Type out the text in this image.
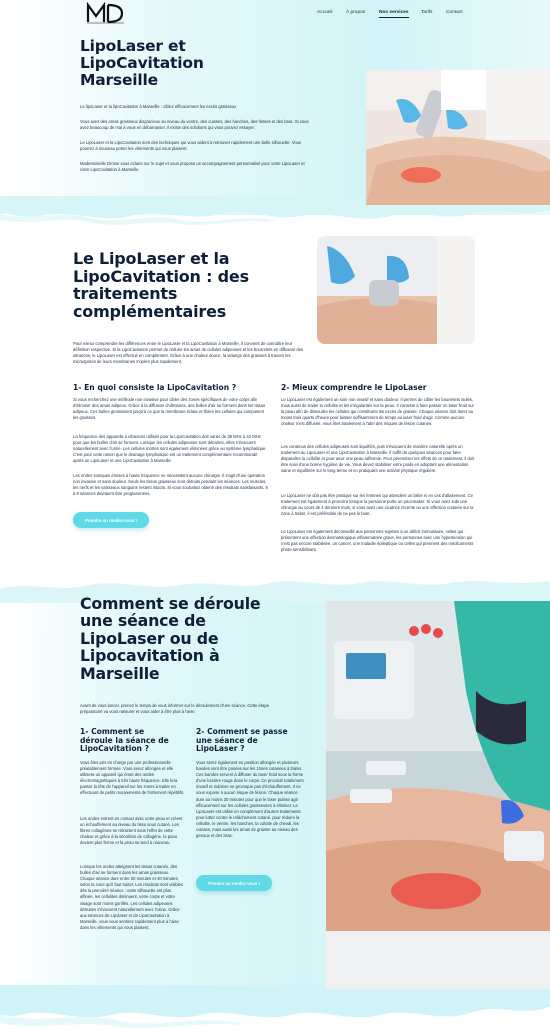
Accueil	À propos	Nos services	Tarifs	Contact
LipoLaser et
LipoCavitation
Marseille
Le lipoLaser et la lipoCavitation à Marseille : ciblez efficacement les excès graisseux
Vous avez des amas graisseux disgracieux au niveau du ventre, des cuisses, des hanches, des fesses et des bras. Si vous avez beaucoup de mal à vous en débarrasser, il existe des solutions qui vous pouvez essayer.
Le LipoLaser et la LipoCavitation sont des techniques qui vous aident à retrouver rapidement une belle silhouette. Vous pourrez à nouveau porter les vêtements qui vous plaisent.
Mademoiselle Droine vous éclaire sur le sujet et vous propose un accompagnement personnalisé pour votre LipoLaser et votre LipoCavitation à Marseille.
Le LipoLaser et la
LipoCavitation : des
traitements
complémentaires
Pour mieux comprendre les différences entre le LipoLaser et la LipoCavitation à Marseille, il convient de connaître leur définition respective. Si la LipoCavitation permet de réduire les amas de cellules adipeuses et les bourrelets en diffusant des ultrasons, le LipoLaser est effectué en complément. Grâce à une chaleur douce, la vidange des graisses à travers les microspores de leurs membranes s'opère plus rapidement.
1- En quoi consiste la LipoCavitation ?
Si vous recherchez une méthode non invasive pour cibler des zones spécifiques de votre corps afin d'éliminer des amas adipeux. Grâce à la diffusion d'ultrasons, des bulles d'air se forment dans les tissus adipeux. Ces bulles grossissent jusqu'à ce que la membrane éclate et libère les cellules qui composent les graisses.
La fréquence des appareils à ultrasons utilisés pour la LipoCavitation doit varier de 38 MHz à 42 MHz pour que les bulles d'air se forment. Lorsque les cellules adipeuses sont détruites, elles s'évacuent naturellement avec l'urine. Les cellules mortes sont également éliminées grâce au système lymphatique. C'est pour cette raison que le drainage lymphatique est un traitement complémentaire recommandé après un LipoLaser et une LipoCavitation à Marseille.
Les ondes soniques émises à haute fréquence ne nécessitent aucune chirurgie. Il s'agit d'une opération non invasive et sans douleur. Seuls les tissus graisseux sont détruits pendant les séances. Les muscles, les nerfs et les vaisseaux sanguins restent intacts. Si vous souhaitez obtenir des résultats satisfaisants, 8 à 8 séances devraient être programmées.
Prendre un rendez-vous !
2- Mieux comprendre le LipoLaser
Le LipoLaser est également un soin non invasif et sans douleur. Il permet de cibler les bourrelets isolés, mais aussi de traiter la cellulite et les irrégularités sur la peau. Il consiste à faire passer un laser froid sur la peau afin de dissoudre les cellules qui constituent les excès de graisse. Chaque séance doit durer au moins trois quarts d'heure pour laisser suffisamment de temps au laser froid d'agir. Comme aucune chaleur n'est diffusée, vous êtes totalement à l'abri des risques de lésion cutanée.
Les contenus des cellules adipeuses sont liquéfiés, puis s'évacuent de manière naturelle après un traitement au LipoLaser et une LipoCavitation à Marseille. Il suffit de quelques séances pour faire disparaître la cellulite et pour avoir une peau raffermie. Pour pérenniser les effets de ce traitement, il doit être suivi d'une bonne hygiène de vie. Vous devez stabiliser votre poids en adoptant une alimentation saine et équilibrée sur le long terme et en pratiquant une activité physique régulière.
Le LipoLaser ne doit pas être pratiqué sur les femmes qui attendent un bébé ni en cas d'allaitement. Ce traitement est également à proscrire lorsque la personne porte un pacemaker. Si vous avez subi une chirurgie au cours de 4 derniers mois, si vous avez une cicatrice récente ou une affection cutanée sur la zone à traiter, il est préférable de ne pas le faire.
Le LipoLaser est également déconseillé aux personnes sujettes à un déficit immunitaire, celles qui présentent une affection dermatologique inflammatoire grave, les personnes avec une hypertension qui n'est pas encore stabilisée, un cancer, une maladie épileptique ou celles qui prennent des médicaments photo-sensibilisant.
Comment se déroule
une séance de
LipoLaser ou de
Lipocavitation à
Marseille
Avant de vous lancer, prenez le temps de vous informer sur le déroulement d'une séance. Cette étape préparatoire va vous rassurer et vous aider à être plus à l'aise.
1- Comment se
déroule la séance de
LipoCavitation ?
Vous êtes pris en charge par une professionnelle préalablement formée. Vous serez allongée et elle utilisera un appareil qui émet des ondes électromagnétiques à très haute fréquence. Elle fera passer la tête de l'appareil sur les zones à traiter en effectuant de petits mouvements de frottement répétitifs.
Les ondes entrent en contact avec votre peau et créent un échauffement au niveau du tissu sous cutané. Les fibres collagènes se rétractent sous l'effet de cette chaleur et grâce à la sécrétion de collagène, la peau devient plus ferme et la peau se tend à nouveau.
Lorsque les ondes atteignent les tissus cutanés, des bulles d'air se forment dans les amas graisseux. Chaque séance dure entre 30 minutes et 40 minutes, selon la zone qu'il faut traiter. Les résultats sont visibles dès la première séance : votre silhouette est plus affinée, les cellulites diminuent, votre corps et votre visage sont moins gonflés. Les cellules adipeuses détruites s'évacuent naturellement avec l'urine. Grâce aux séances de Lipolaser et de LipoCavitation à Marseille, vous vous sentirez rapidement plus à l'aise dans les vêtements qui vous plaisent.
2- Comment se passe
une séance de
LipoLaser ?
Vous serez également en position allongée et plusieurs bandes vont être posées sur les zones cutanées à traiter. Ces bandes servent à diffuser du laser froid sous la forme d'une lumière rouge dans le corps. Ce procédé totalement invasif et indolore ne provoque pas d'échauffement. Il ne vous expose à aucun risque de lésion. Chaque séance dure au moins 30 minutes pour que le laser puisse agir efficacement sur les cellules graisseuses à éliminer. Le LipoLaser est utilisé en complément d'autres traitements pour lutter contre le relâchement cutané, pour réduire la cellulite, le ventre, les hanches, la culotte de cheval, les cuisses, mais aussi les amas de graisse au niveau des genoux et des bras.
Prendre un rendez-vous !
